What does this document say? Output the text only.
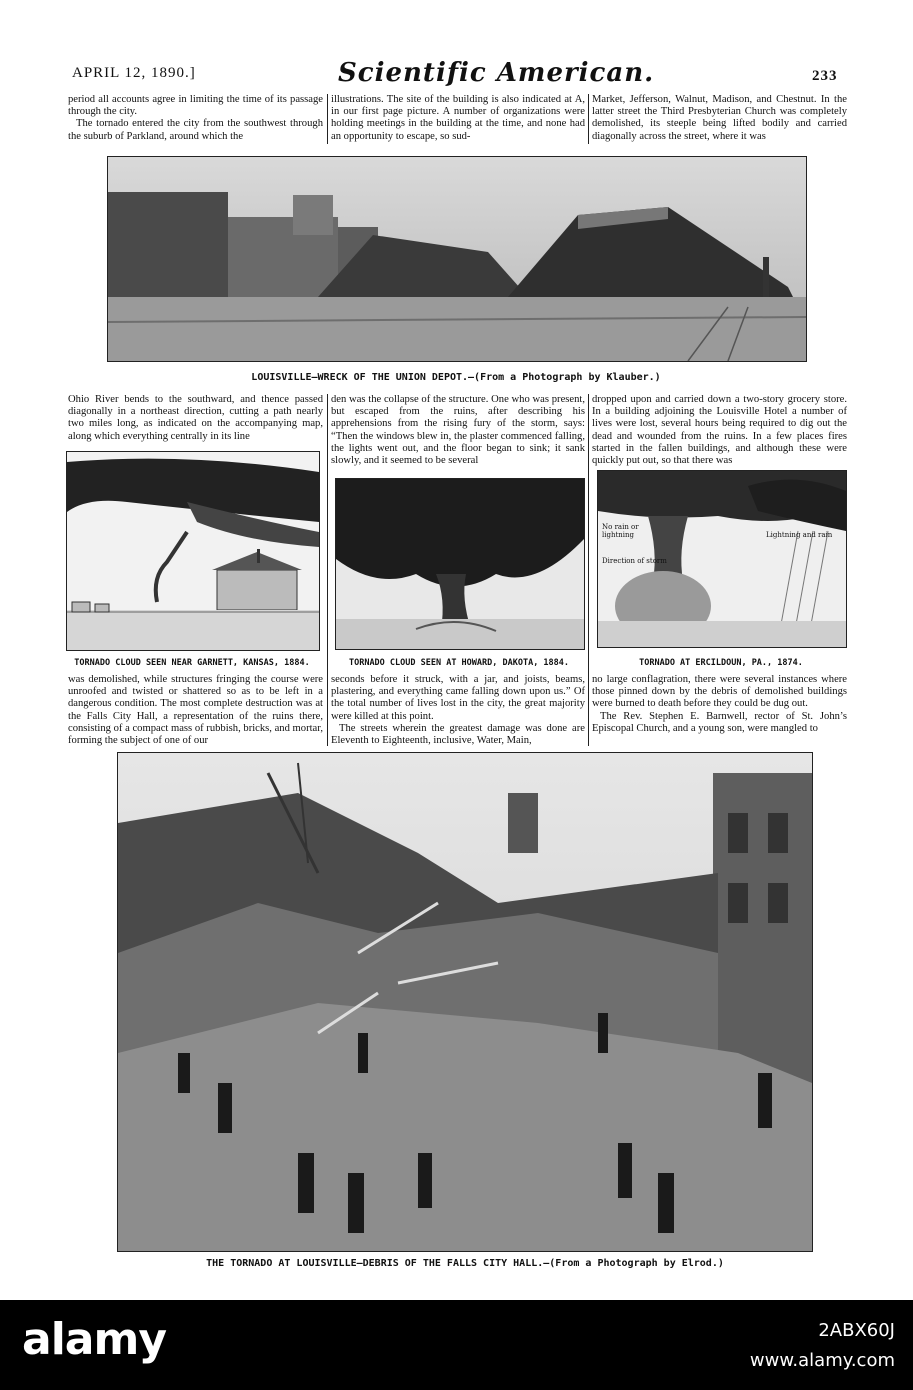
APRIL 12, 1890.]	Scientific American.	233

period all accounts agree in limiting the time of its passage through the city.

The tornado entered the city from the southwest through the suburb of Parkland, around which the

illustrations. The site of the building is also indicated at A, in our first page picture. A number of organizations were holding meetings in the building at the time, and none had an opportunity to escape, so sud-

Market, Jefferson, Walnut, Madison, and Chestnut. In the latter street the Third Presbyterian Church was completely demolished, its steeple being lifted bodily and carried diagonally across the street, where it was

LOUISVILLE—WRECK OF THE UNION DEPOT.—(From a Photograph by Klauber.)

Ohio River bends to the southward, and thence passed diagonally in a northeast direction, cutting a path nearly two miles long, as indicated on the accompanying map, along which everything centrally in its line

den was the collapse of the structure. One who was present, but escaped from the ruins, after describing his apprehensions from the rising fury of the storm, says: “Then the windows blew in, the plaster commenced falling, the lights went out, and the floor began to sink; it sank slowly, and it seemed to be several

dropped upon and carried down a two-story grocery store. In a building adjoining the Louisville Hotel a number of lives were lost, several hours being required to dig out the dead and wounded from the ruins. In a few places fires started in the fallen buildings, and although these were quickly put out, so that there was

TORNADO CLOUD SEEN NEAR GARNETT, KANSAS, 1884.	TORNADO CLOUD SEEN AT HOWARD, DAKOTA, 1884.
No rain or lightning
Direction of storm
Lightning and rain
TORNADO AT ERCILDOUN, PA., 1874.

was demolished, while structures fringing the course were unroofed and twisted or shattered so as to be left in a dangerous condition. The most complete destruction was at the Falls City Hall, a representation of the ruins there, consisting of a compact mass of rubbish, bricks, and mortar, forming the subject of one of our

seconds before it struck, with a jar, and joists, beams, plastering, and everything came falling down upon us.” Of the total number of lives lost in the city, the great majority were killed at this point.

The streets wherein the greatest damage was done are Eleventh to Eighteenth, inclusive, Water, Main,

no large conflagration, there were several instances where those pinned down by the debris of demolished buildings were burned to death before they could be dug out.

The Rev. Stephen E. Barnwell, rector of St. John’s Episcopal Church, and a young son, were mangled to

THE TORNADO AT LOUISVILLE—DEBRIS OF THE FALLS CITY HALL.—(From a Photograph by Elrod.)
alamy	2ABX60J
www.alamy.com
